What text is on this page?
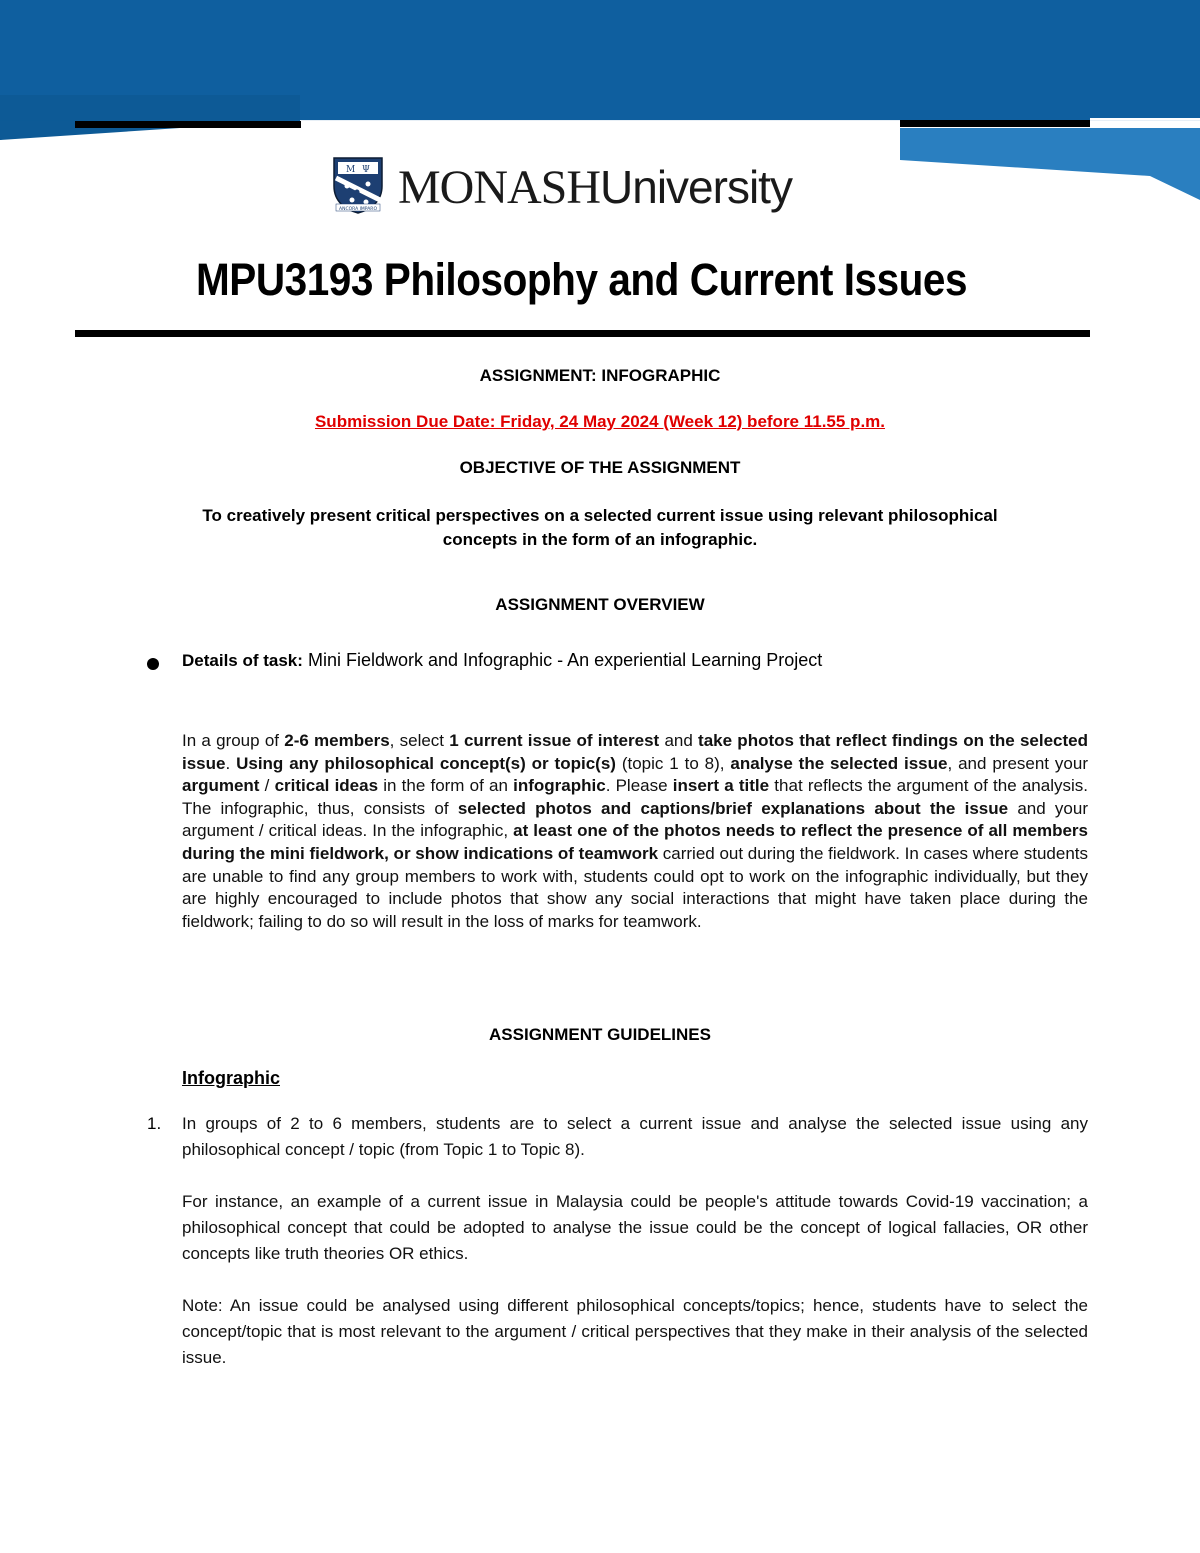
M Ψ
ANCORA IMPARO MONASHUniversity
MPU3193 Philosophy and Current Issues
ASSIGNMENT: INFOGRAPHIC
Submission Due Date: Friday, 24 May 2024 (Week 12) before 11.55 p.m.
OBJECTIVE OF THE ASSIGNMENT
To creatively present critical perspectives on a selected current issue using relevant philosophical
concepts in the form of an infographic.
ASSIGNMENT OVERVIEW
Details of task: Mini Fieldwork and Infographic - An experiential Learning Project
In a group of 2-6 members, select 1 current issue of interest and take photos that reflect findings on the selected issue. Using any philosophical concept(s) or topic(s) (topic 1 to 8), analyse the selected issue, and present your argument / critical ideas in the form of an infographic. Please insert a title that reflects the argument of the analysis. The infographic, thus, consists of selected photos and captions/brief explanations about the issue and your argument / critical ideas. In the infographic, at least one of the photos needs to reflect the presence of all members during the mini fieldwork, or show indications of teamwork carried out during the fieldwork. In cases where students are unable to find any group members to work with, students could opt to work on the infographic individually, but they are highly encouraged to include photos that show any social interactions that might have taken place during the fieldwork; failing to do so will result in the loss of marks for teamwork.
ASSIGNMENT GUIDELINES
Infographic
1. In groups of 2 to 6 members, students are to select a current issue and analyse the selected issue using any philosophical concept / topic (from Topic 1 to Topic 8).
For instance, an example of a current issue in Malaysia could be people's attitude towards Covid-19 vaccination; a philosophical concept that could be adopted to analyse the issue could be the concept of logical fallacies, OR other concepts like truth theories OR ethics.
Note: An issue could be analysed using different philosophical concepts/topics; hence, students have to select the concept/topic that is most relevant to the argument / critical perspectives that they make in their analysis of the selected issue.
